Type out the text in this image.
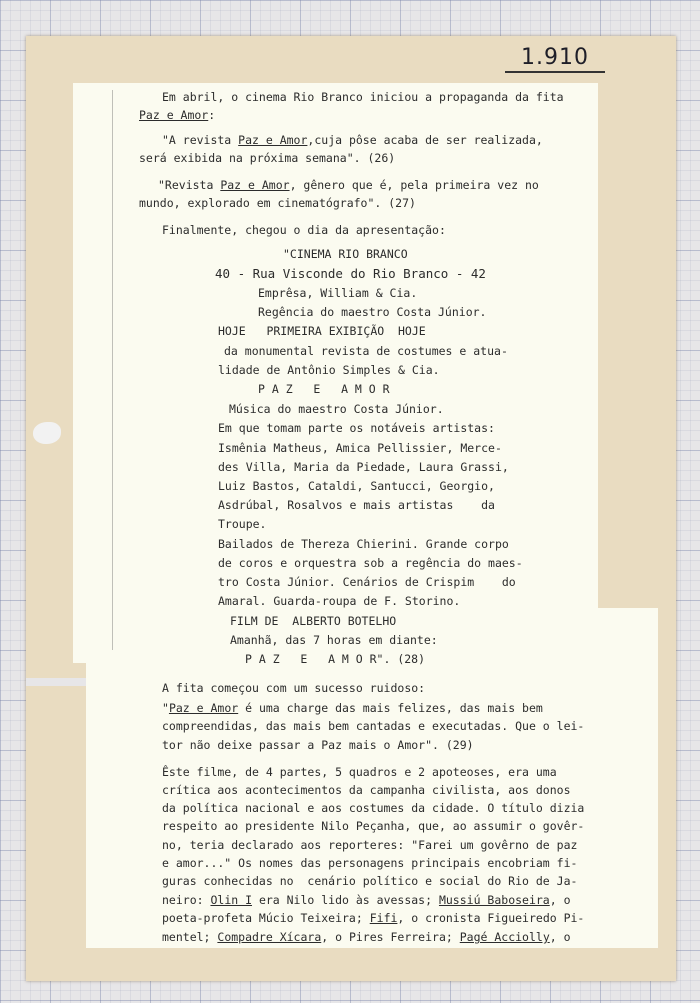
1.910
Em abril, o cinema Rio Branco iniciou a propaganda da fita
Paz e Amor:
"A revista Paz e Amor,cuja pôse acaba de ser realizada,
será exibida na próxima semana". (26)
"Revista Paz e Amor, gênero que é, pela primeira vez no
mundo, explorado em cinematógrafo". (27)
Finalmente, chegou o dia da apresentação:
"CINEMA RIO BRANCO
40 - Rua Visconde do Rio Branco - 42
Emprêsa, William & Cia.
Regência do maestro Costa Júnior.
HOJE   PRIMEIRA EXIBIÇÃO  HOJE
da monumental revista de costumes e atua-
lidade de Antônio Simples & Cia.
P A Z   E   A M O R
Música do maestro Costa Júnior.
Em que tomam parte os notáveis artistas:
Ismênia Matheus, Amica Pellissier, Merce-
des Villa, Maria da Piedade, Laura Grassi,
Luiz Bastos, Cataldi, Santucci, Georgio,
Asdrúbal, Rosalvos e mais artistas    da
Troupe.
Bailados de Thereza Chierini. Grande corpo
de coros e orquestra sob a regência do maes-
tro Costa Júnior. Cenários de Crispim    do
Amaral. Guarda-roupa de F. Storino.
FILM DE  ALBERTO BOTELHO
Amanhã, das 7 horas em diante:
P A Z   E   A M O R". (28)
A fita começou com um sucesso ruidoso:
"Paz e Amor é uma charge das mais felizes, das mais bem
compreendidas, das mais bem cantadas e executadas. Que o lei-
tor não deixe passar a Paz mais o Amor". (29)
Êste filme, de 4 partes, 5 quadros e 2 apoteoses, era uma
crítica aos acontecimentos da campanha civilista, aos donos
da política nacional e aos costumes da cidade. O título dizia
respeito ao presidente Nilo Peçanha, que, ao assumir o govêr-
no, teria declarado aos reporteres: "Farei um govêrno de paz
e amor..." Os nomes das personagens principais encobriam fi-
guras conhecidas no  cenário político e social do Rio de Ja-
neiro: Olin I era Nilo lido às avessas; Mussiú Baboseira, o
poeta-profeta Múcio Teixeira; Fifi, o cronista Figueiredo Pi-
mentel; Compadre Xícara, o Pires Ferreira; Pagé Acciolly, o
